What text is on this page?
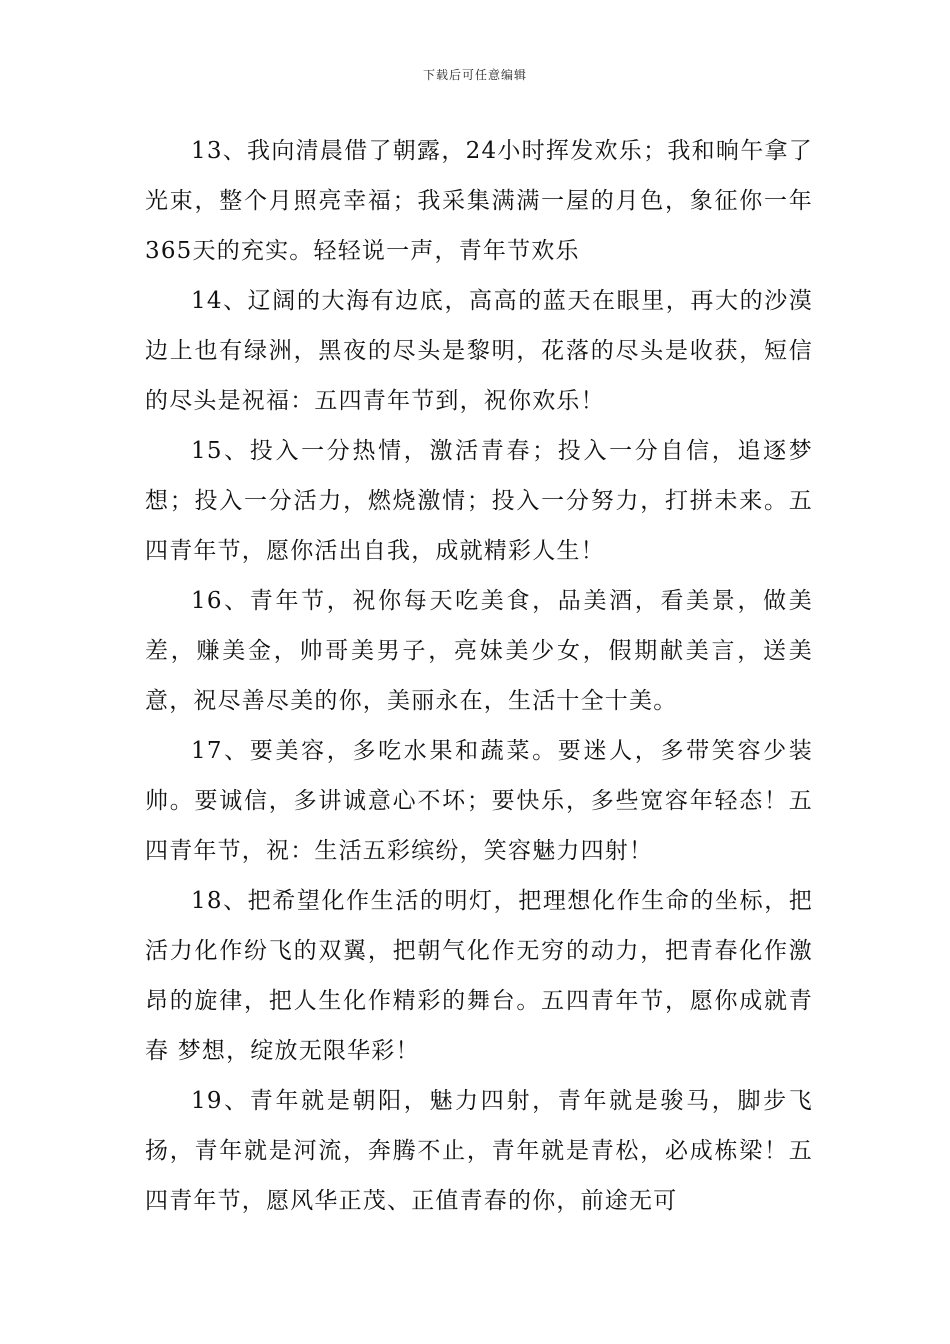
下载后可任意编辑

13、我向清晨借了朝露，24小时挥发欢乐；我和晌午拿了光束，整个月照亮幸福；我采集满满一屋的月色，象征你一年365天的充实。轻轻说一声，青年节欢乐

14、辽阔的大海有边底，高高的蓝天在眼里，再大的沙漠边上也有绿洲，黑夜的尽头是黎明，花落的尽头是收获，短信的尽头是祝福：五四青年节到，祝你欢乐！

15、投入一分热情，激活青春；投入一分自信，追逐梦想；投入一分活力，燃烧激情；投入一分努力，打拼未来。五四青年节，愿你活出自我，成就精彩人生！

16、青年节，祝你每天吃美食，品美酒，看美景，做美差，赚美金，帅哥美男子，亮妹美少女，假期献美言，送美意，祝尽善尽美的你，美丽永在，生活十全十美。

17、要美容，多吃水果和蔬菜。要迷人，多带笑容少装帅。要诚信，多讲诚意心不坏；要快乐，多些宽容年轻态！五四青年节，祝：生活五彩缤纷，笑容魅力四射！

18、把希望化作生活的明灯，把理想化作生命的坐标，把活力化作纷飞的双翼，把朝气化作无穷的动力，把青春化作激昂的旋律，把人生化作精彩的舞台。五四青年节，愿你成就青春 梦想，绽放无限华彩！

19、青年就是朝阳，魅力四射，青年就是骏马，脚步飞扬，青年就是河流，奔腾不止，青年就是青松，必成栋梁！五四青年节，愿风华正茂、正值青春的你，前途无可
